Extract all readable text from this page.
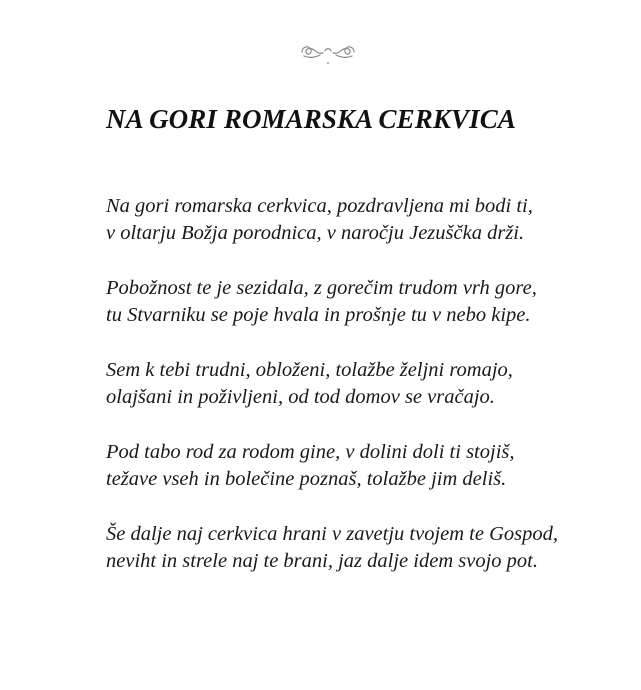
NA GORI ROMARSKA CERKVICA
Na gori romarska cerkvica, pozdravljena mi bodi ti,
v oltarju Božja porodnica, v naročju Jezuščka drži.
Pobožnost te je sezidala, z gorečim trudom vrh gore,
tu Stvarniku se poje hvala in prošnje tu v nebo kipe.
Sem k tebi trudni, obloženi, tolažbe željni romajo,
olajšani in poživljeni, od tod domov se vračajo.
Pod tabo rod za rodom gine, v dolini doli ti stojiš,
težave vseh in bolečine poznaš, tolažbe jim deliš.
Še dalje naj cerkvica hrani v zavetju tvojem te Gospod,
neviht in strele naj te brani, jaz dalje idem svojo pot.
